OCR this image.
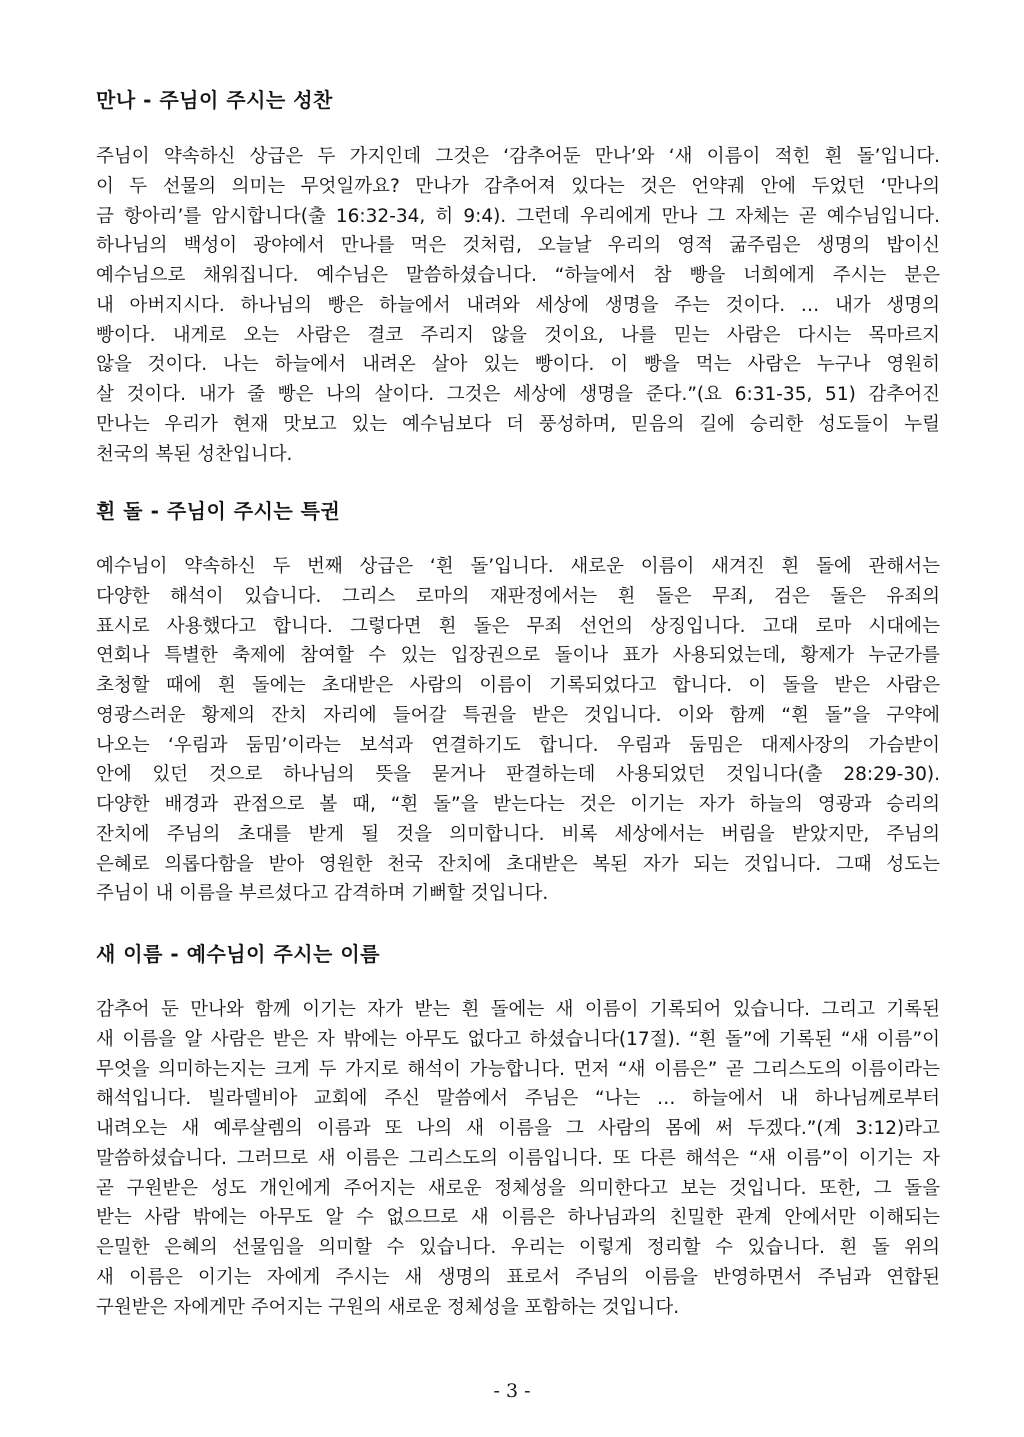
만나 - 주님이 주시는 성찬
주님이 약속하신 상급은 두 가지인데 그것은 ‘감추어둔 만나’와 ‘새 이름이 적힌 흰 돌’입니다.
이 두 선물의 의미는 무엇일까요? 만나가 감추어져 있다는 것은 언약궤 안에 두었던 ‘만나의
금 항아리’를 암시합니다(출 16:32-34, 히 9:4). 그런데 우리에게 만나 그 자체는 곧 예수님입니다.
하나님의 백성이 광야에서 만나를 먹은 것처럼, 오늘날 우리의 영적 굶주림은 생명의 밥이신
예수님으로 채워집니다. 예수님은 말씀하셨습니다. “하늘에서 참 빵을 너희에게 주시는 분은
내 아버지시다. 하나님의 빵은 하늘에서 내려와 세상에 생명을 주는 것이다. … 내가 생명의
빵이다. 내게로 오는 사람은 결코 주리지 않을 것이요, 나를 믿는 사람은 다시는 목마르지
않을 것이다. 나는 하늘에서 내려온 살아 있는 빵이다. 이 빵을 먹는 사람은 누구나 영원히
살 것이다. 내가 줄 빵은 나의 살이다. 그것은 세상에 생명을 준다.”(요 6:31-35, 51) 감추어진
만나는 우리가 현재 맛보고 있는 예수님보다 더 풍성하며, 믿음의 길에 승리한 성도들이 누릴
천국의 복된 성찬입니다.
흰 돌 - 주님이 주시는 특권
예수님이 약속하신 두 번째 상급은 ‘흰 돌’입니다. 새로운 이름이 새겨진 흰 돌에 관해서는
다양한 해석이 있습니다. 그리스 로마의 재판정에서는 흰 돌은 무죄, 검은 돌은 유죄의
표시로 사용했다고 합니다. 그렇다면 흰 돌은 무죄 선언의 상징입니다. 고대 로마 시대에는
연회나 특별한 축제에 참여할 수 있는 입장권으로 돌이나 표가 사용되었는데, 황제가 누군가를
초청할 때에 흰 돌에는 초대받은 사람의 이름이 기록되었다고 합니다. 이 돌을 받은 사람은
영광스러운 황제의 잔치 자리에 들어갈 특권을 받은 것입니다. 이와 함께 “흰 돌”을 구약에
나오는 ‘우림과 둠밈’이라는 보석과 연결하기도 합니다. 우림과 둠밈은 대제사장의 가슴받이
안에 있던 것으로 하나님의 뜻을 묻거나 판결하는데 사용되었던 것입니다(출 28:29-30).
다양한 배경과 관점으로 볼 때, “흰 돌”을 받는다는 것은 이기는 자가 하늘의 영광과 승리의
잔치에 주님의 초대를 받게 될 것을 의미합니다. 비록 세상에서는 버림을 받았지만, 주님의
은혜로 의롭다함을 받아 영원한 천국 잔치에 초대받은 복된 자가 되는 것입니다. 그때 성도는
주님이 내 이름을 부르셨다고 감격하며 기뻐할 것입니다.
새 이름 - 예수님이 주시는 이름
감추어 둔 만나와 함께 이기는 자가 받는 흰 돌에는 새 이름이 기록되어 있습니다. 그리고 기록된
새 이름을 알 사람은 받은 자 밖에는 아무도 없다고 하셨습니다(17절). “흰 돌”에 기록된 “새 이름”이
무엇을 의미하는지는 크게 두 가지로 해석이 가능합니다. 먼저 “새 이름은” 곧 그리스도의 이름이라는
해석입니다. 빌라델비아 교회에 주신 말씀에서 주님은 “나는 … 하늘에서 내 하나님께로부터
내려오는 새 예루살렘의 이름과 또 나의 새 이름을 그 사람의 몸에 써 두겠다.”(계 3:12)라고
말씀하셨습니다. 그러므로 새 이름은 그리스도의 이름입니다. 또 다른 해석은 “새 이름”이 이기는 자
곧 구원받은 성도 개인에게 주어지는 새로운 정체성을 의미한다고 보는 것입니다. 또한, 그 돌을
받는 사람 밖에는 아무도 알 수 없으므로 새 이름은 하나님과의 친밀한 관계 안에서만 이해되는
은밀한 은혜의 선물임을 의미할 수 있습니다. 우리는 이렇게 정리할 수 있습니다. 흰 돌 위의
새 이름은 이기는 자에게 주시는 새 생명의 표로서 주님의 이름을 반영하면서 주님과 연합된
구원받은 자에게만 주어지는 구원의 새로운 정체성을 포함하는 것입니다.
- 3 -
